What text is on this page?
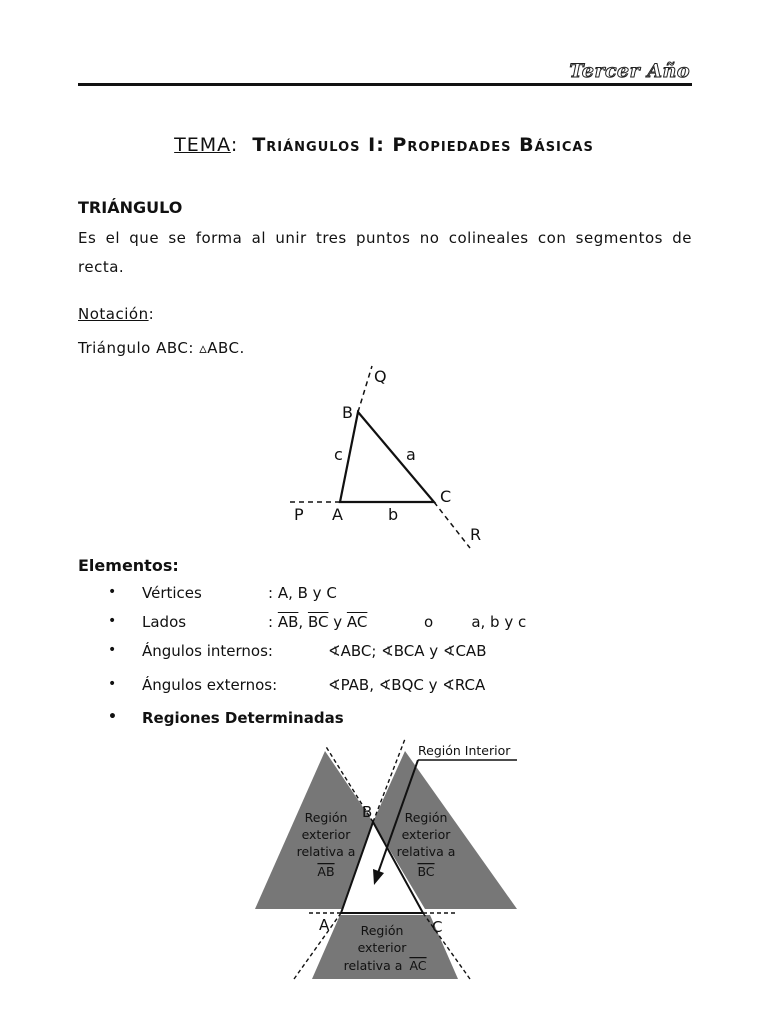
Tercer Año
TEMA: Triángulos I: Propiedades Básicas
TRIÁNGULO
Es el que se forma al unir tres puntos no colineales con segmentos de
recta.
Notación:
Triángulo ABC: ▵ABC.
Q
B
c	a
C
P A	b
R
Elementos:
• Vértices	: A, B y C
• Lados	: $\overline{AB}$, $\overline{BC}$ y $\overline{AC}$	o        a, b y c
• Ángulos internos:	∢ABC; ∢BCA y ∢CAB
• Ángulos externos:	∢PAB, ∢BQC y ∢RCA
• Regiones Determinadas
Región Interior
B
A	C
Región
exterior
relativa a
AB
Región
exterior
relativa a
BC
Región
exterior
relativa a AC
